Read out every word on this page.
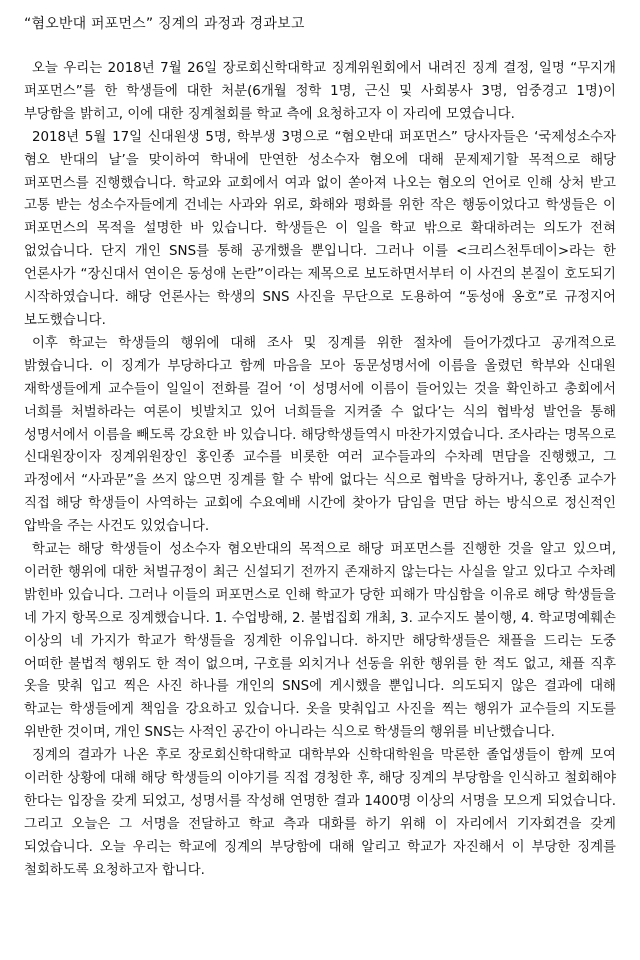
“혐오반대 퍼포먼스” 징계의 과정과 경과보고

오늘 우리는 2018년 7월 26일 장로회신학대학교 징계위원회에서 내려진 징계 결정, 일명 “무지개 퍼포먼스”를 한 학생들에 대한 처분(6개월 정학 1명, 근신 및 사회봉사 3명, 엄중경고 1명)이 부당함을 밝히고, 이에 대한 징계철회를 학교 측에 요청하고자 이 자리에 모였습니다.

2018년 5월 17일 신대원생 5명, 학부생 3명으로 “혐오반대 퍼포먼스” 당사자들은 ‘국제성소수자 혐오 반대의 날’을 맞이하여 학내에 만연한 성소수자 혐오에 대해 문제제기할 목적으로 해당 퍼포먼스를 진행했습니다. 학교와 교회에서 여과 없이 쏟아져 나오는 혐오의 언어로 인해 상처 받고 고통 받는 성소수자들에게 건네는 사과와 위로, 화해와 평화를 위한 작은 행동이었다고 학생들은 이 퍼포먼스의 목적을 설명한 바 있습니다. 학생들은 이 일을 학교 밖으로 확대하려는 의도가 전혀 없었습니다. 단지 개인 SNS를 통해 공개했을 뿐입니다. 그러나 이를 <크리스천투데이>라는 한 언론사가 “장신대서 연이은 동성애 논란”이라는 제목으로 보도하면서부터 이 사건의 본질이 호도되기 시작하였습니다. 해당 언론사는 학생의 SNS 사진을 무단으로 도용하여 “동성애 옹호”로 규정지어 보도했습니다.

이후 학교는 학생들의 행위에 대해 조사 및 징계를 위한 절차에 들어가겠다고 공개적으로 밝혔습니다. 이 징계가 부당하다고 함께 마음을 모아 동문성명서에 이름을 올렸던 학부와 신대원 재학생들에게 교수들이 일일이 전화를 걸어 ‘이 성명서에 이름이 들어있는 것을 확인하고 총회에서 너희를 처벌하라는 여론이 빗발치고 있어 너희들을 지켜줄 수 없다’는 식의 협박성 발언을 통해 성명서에서 이름을 빼도록 강요한 바 있습니다. 해당학생들역시 마찬가지였습니다. 조사라는 명목으로 신대원장이자 징계위원장인 홍인종 교수를 비롯한 여러 교수들과의 수차례 면담을 진행했고, 그 과정에서 “사과문”을 쓰지 않으면 징계를 할 수 밖에 없다는 식으로 협박을 당하거나, 홍인종 교수가 직접 해당 학생들이 사역하는 교회에 수요예배 시간에 찾아가 담임을 면담 하는 방식으로 정신적인 압박을 주는 사건도 있었습니다.

학교는 해당 학생들이 성소수자 혐오반대의 목적으로 해당 퍼포먼스를 진행한 것을 알고 있으며, 이러한 행위에 대한 처벌규정이 최근 신설되기 전까지 존재하지 않는다는 사실을 알고 있다고 수차례 밝힌바 있습니다. 그러나 이들의 퍼포먼스로 인해 학교가 당한 피해가 막심함을 이유로 해당 학생들을 네 가지 항목으로 징계했습니다. 1. 수업방해, 2. 불법집회 개최, 3. 교수지도 불이행, 4. 학교명예훼손 이상의 네 가지가 학교가 학생들을 징계한 이유입니다. 하지만 해당학생들은 채플을 드리는 도중 어떠한 불법적 행위도 한 적이 없으며, 구호를 외치거나 선동을 위한 행위를 한 적도 없고, 채플 직후 옷을 맞춰 입고 찍은 사진 하나를 개인의 SNS에 게시했을 뿐입니다. 의도되지 않은 결과에 대해 학교는 학생들에게 책임을 강요하고 있습니다. 옷을 맞춰입고 사진을 찍는 행위가 교수들의 지도를 위반한 것이며, 개인 SNS는 사적인 공간이 아니라는 식으로 학생들의 행위를 비난했습니다.

징계의 결과가 나온 후로 장로회신학대학교 대학부와 신학대학원을 막론한 졸업생들이 함께 모여 이러한 상황에 대해 해당 학생들의 이야기를 직접 경청한 후, 해당 징계의 부당함을 인식하고 철회해야 한다는 입장을 갖게 되었고, 성명서를 작성해 연명한 결과 1400명 이상의 서명을 모으게 되었습니다. 그리고 오늘은 그 서명을 전달하고 학교 측과 대화를 하기 위해 이 자리에서 기자회견을 갖게 되었습니다. 오늘 우리는 학교에 징계의 부당함에 대해 알리고 학교가 자진해서 이 부당한 징계를 철회하도록 요청하고자 합니다.
